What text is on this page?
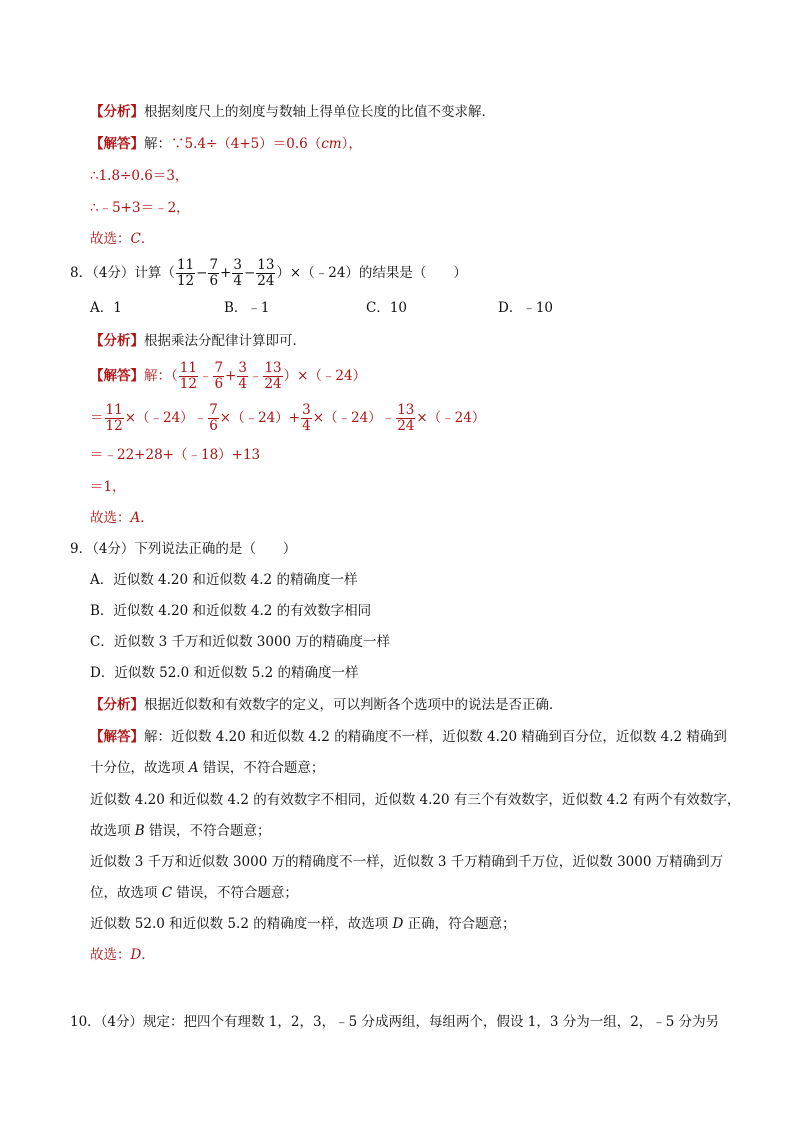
【分析】根据刻度尺上的刻度与数轴上得单位长度的比值不变求解．
【解答】解：∵5.4÷（4+5）＝0.6（cm），
∴1.8÷0.6＝3，
∴﹣5+3＝﹣2，
故选：C．
8．（4分）计算（ $\frac{11}{12} - \frac{7}{6} + \frac{3}{4} - \frac{13}{24}$ ）×（﹣24）的结果是（　　）
A．1	B．﹣1	C．10	D．﹣10
【分析】根据乘法分配律计算即可．
【解答】解：（ $\frac{11}{12}$ ﹣ $\frac{7}{6} + \frac{3}{4}$ ﹣ $\frac{13}{24}$ ）×（﹣24）
＝ $\frac{11}{12}$ ×（﹣24）﹣ $\frac{7}{6}$ ×（﹣24）+ $\frac{3}{4}$ ×（﹣24）﹣ $\frac{13}{24}$ ×（﹣24）
＝﹣22+28+（﹣18）+13
＝1，
故选：A．
9．（4分）下列说法正确的是（　　）
A．近似数 4.20 和近似数 4.2 的精确度一样
B．近似数 4.20 和近似数 4.2 的有效数字相同
C．近似数 3 千万和近似数 3000 万的精确度一样
D．近似数 52.0 和近似数 5.2 的精确度一样
【分析】根据近似数和有效数字的定义，可以判断各个选项中的说法是否正确．
【解答】解：近似数 4.20 和近似数 4.2 的精确度不一样，近似数 4.20 精确到百分位，近似数 4.2 精确到
十分位，故选项 A 错误，不符合题意；
近似数 4.20 和近似数 4.2 的有效数字不相同，近似数 4.20 有三个有效数字，近似数 4.2 有两个有效数字，
故选项 B 错误，不符合题意；
近似数 3 千万和近似数 3000 万的精确度不一样，近似数 3 千万精确到千万位，近似数 3000 万精确到万
位，故选项 C 错误，不符合题意；
近似数 52.0 和近似数 5.2 的精确度一样，故选项 D 正确，符合题意；
故选：D．
10．（4分）规定：把四个有理数 1，2，3，﹣5 分成两组，每组两个，假设 1，3 分为一组，2，﹣5 分为另
